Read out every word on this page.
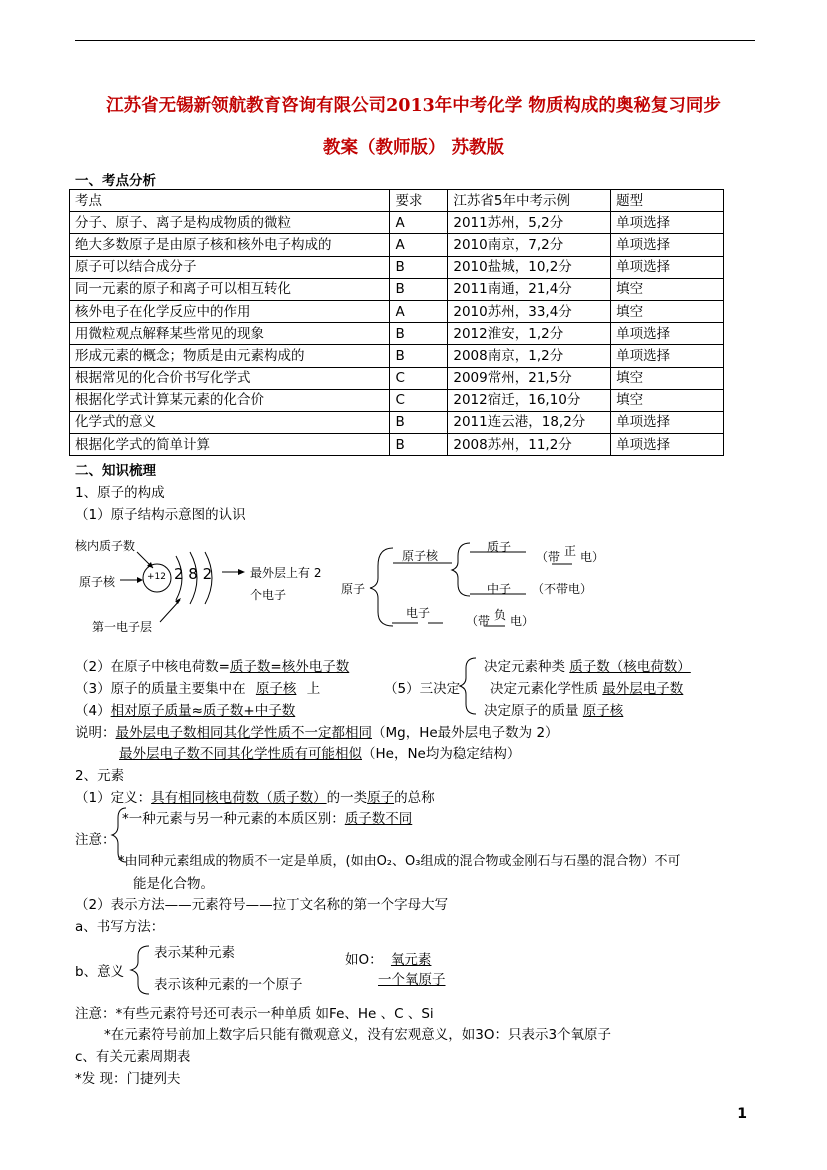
江苏省无锡新领航教育咨询有限公司2013年中考化学 物质构成的奥秘复习同步
教案（教师版） 苏教版
一、考点分析
考点	要求	江苏省5年中考示例	题型
分子、原子、离子是构成物质的微粒	A	2011苏州，5,2分	单项选择
绝大多数原子是由原子核和核外电子构成的	A	2010南京，7,2分	单项选择
原子可以结合成分子	B	2010盐城，10,2分	单项选择
同一元素的原子和离子可以相互转化	B	2011南通，21,4分	填空
核外电子在化学反应中的作用	A	2010苏州，33,4分	填空
用微粒观点解释某些常见的现象	B	2012淮安，1,2分	单项选择
形成元素的概念；物质是由元素构成的	B	2008南京，1,2分	单项选择
根据常见的化合价书写化学式	C	2009常州，21,5分	填空
根据化学式计算某元素的化合价	C	2012宿迁，16,10分	填空
化学式的意义	B	2011连云港，18,2分	单项选择
根据化学式的简单计算	B	2008苏州，11,2分	单项选择
二、知识梳理
1、原子的构成
（1）原子结构示意图的认识
核内质子数
原子核
第一电子层
+12 2 8 2	最外层上有 2
个电子	原子
原子核
质子
（带 正 电）
中子 （不带电）
电子
（带 负 电）
（2）在原子中核电荷数=质子数=核外电子数
（3）原子的质量主要集中在 原子核 上
（4）相对原子质量≈质子数+中子数
（5）三决定
决定元素种类 质子数（核电荷数）
决定元素化学性质 最外层电子数
决定原子的质量 原子核
说明：最外层电子数相同其化学性质不一定都相同（Mg，He最外层电子数为 2）
最外层电子数不同其化学性质有可能相似（He，Ne均为稳定结构）
2、元素
（1）定义：具有相同核电荷数（质子数）的一类原子的总称
注意：
*一种元素与另一种元素的本质区别：质子数不同
*由同种元素组成的物质不一定是单质，(如由O₂、O₃组成的混合物或金刚石与石墨的混合物）不可
能是化合物。
（2）表示方法——元素符号——拉丁文名称的第一个字母大写
a、书写方法：
b、意义
表示某种元素
表示该种元素的一个原子
如O： 氧元素
一个氧原子
注意：*有些元素符号还可表示一种单质 如Fe、He 、C 、Si
*在元素符号前加上数字后只能有微观意义，没有宏观意义，如3O：只表示3个氧原子
c、有关元素周期表
*发 现：门捷列夫
1
